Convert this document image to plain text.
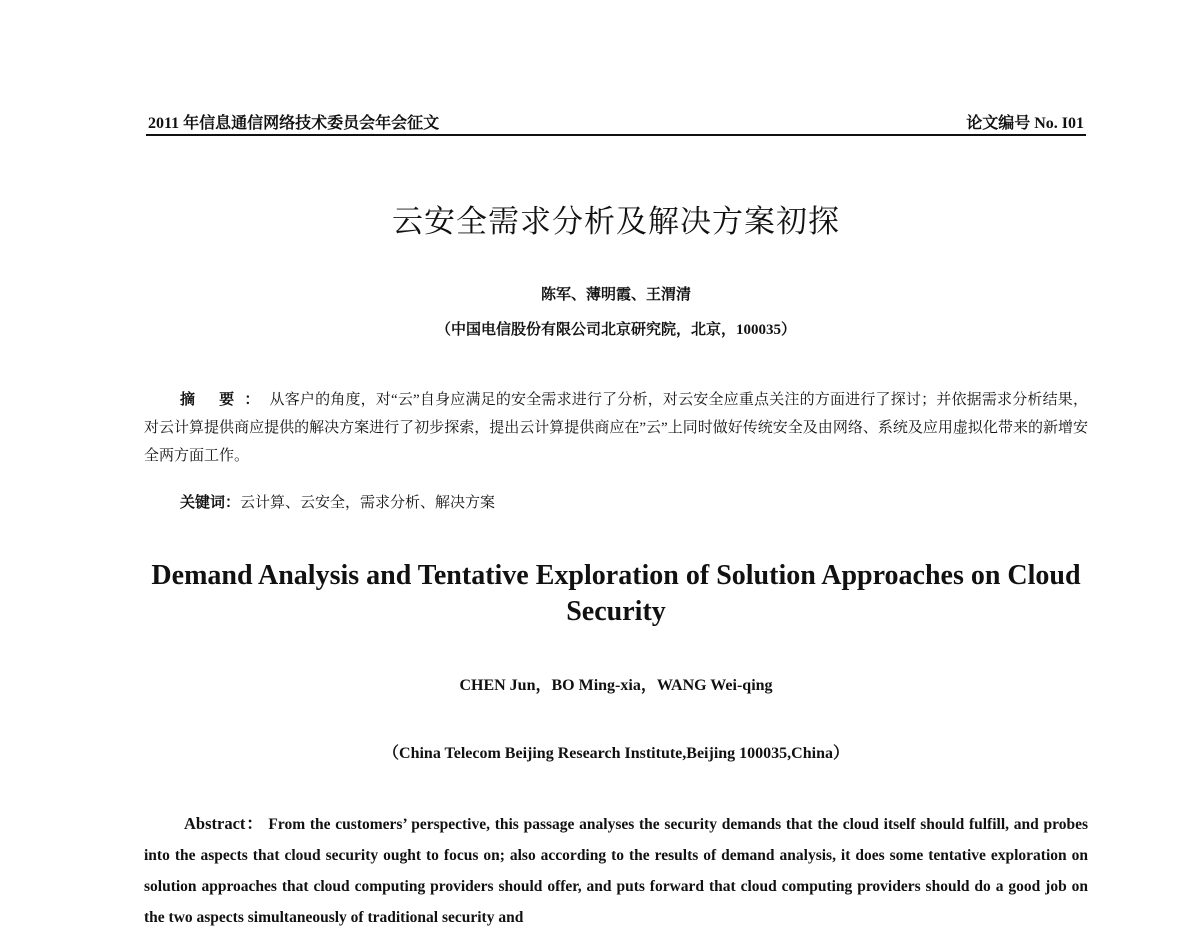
2011 年信息通信网络技术委员会年会征文	论文编号 No. I01
云安全需求分析及解决方案初探
陈军、薄明霞、王渭清
（中国电信股份有限公司北京研究院，北京，100035）
摘 要：从客户的角度，对“云”自身应满足的安全需求进行了分析，对云安全应重点关注的方面进行了探讨；并依据需求分析结果，对云计算提供商应提供的解决方案进行了初步探索，提出云计算提供商应在”云”上同时做好传统安全及由网络、系统及应用虚拟化带来的新增安全两方面工作。
关键词：云计算、云安全，需求分析、解决方案
Demand Analysis and Tentative Exploration of Solution Approaches on Cloud Security
CHEN Jun，BO Ming-xia，WANG Wei-qing
（China Telecom Beijing Research Institute,Beijing 100035,China）
Abstract： From the customers’ perspective, this passage analyses the security demands that the cloud itself should fulfill, and probes into the aspects that cloud security ought to focus on; also according to the results of demand analysis, it does some tentative exploration on solution approaches that cloud computing providers should offer, and puts forward that cloud computing providers should do a good job on the two aspects simultaneously of traditional security and
